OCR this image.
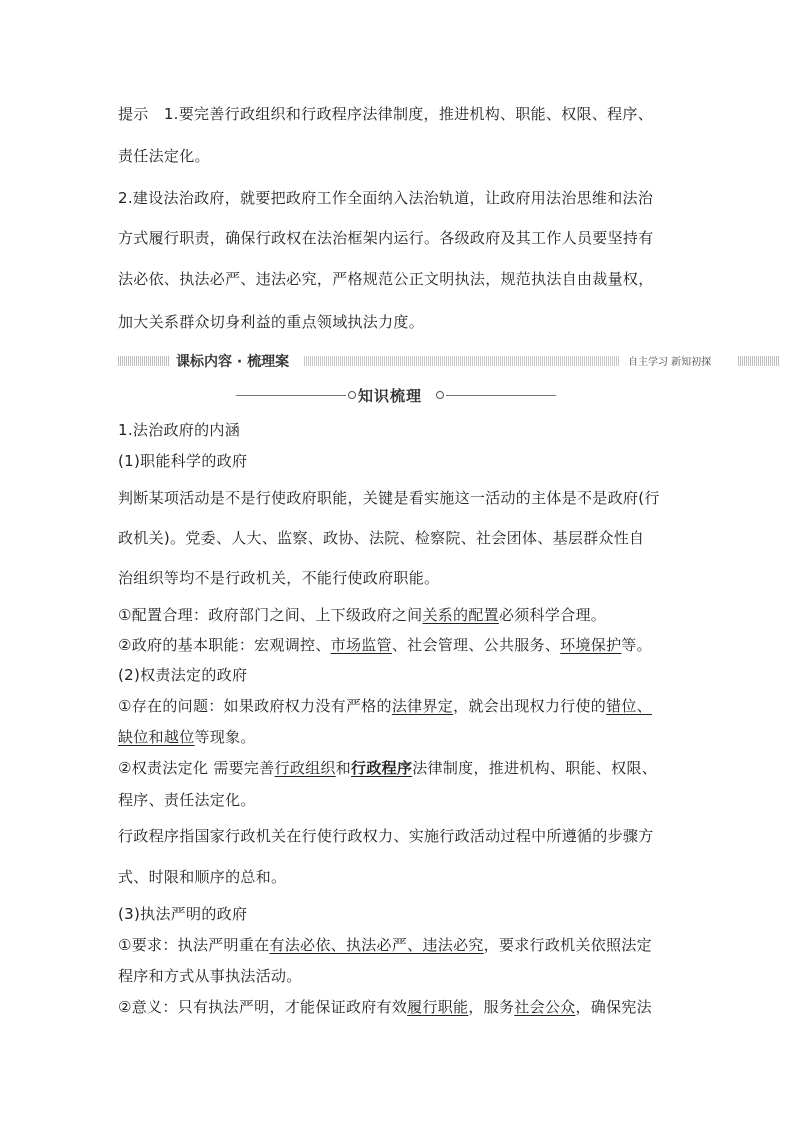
提示 1.要完善行政组织和行政程序法律制度，推进机构、职能、权限、程序、
责任法定化。
2.建设法治政府，就要把政府工作全面纳入法治轨道，让政府用法治思维和法治
方式履行职责，确保行政权在法治框架内运行。各级政府及其工作人员要坚持有
法必依、执法必严、违法必究，严格规范公正文明执法，规范执法自由裁量权，
加大关系群众切身利益的重点领域执法力度。
课标内容 · 梳理案	自主学习 新知初探
知识梳理
1.法治政府的内涵
(1)职能科学的政府
判断某项活动是不是行使政府职能，关键是看实施这一活动的主体是不是政府(行
政机关)。党委、人大、监察、政协、法院、检察院、社会团体、基层群众性自
治组织等均不是行政机关，不能行使政府职能。
①配置合理：政府部门之间、上下级政府之间关系的配置必须科学合理。
②政府的基本职能：宏观调控、市场监管、社会管理、公共服务、环境保护等。
(2)权责法定的政府
①存在的问题：如果政府权力没有严格的法律界定，就会出现权力行使的错位、
缺位和越位等现象。
②权责法定化 需要完善行政组织和行政程序法律制度，推进机构、职能、权限、
程序、责任法定化。
行政程序指国家行政机关在行使行政权力、实施行政活动过程中所遵循的步骤方
式、时限和顺序的总和。
(3)执法严明的政府
①要求：执法严明重在有法必依、执法必严、违法必究，要求行政机关依照法定
程序和方式从事执法活动。
②意义：只有执法严明，才能保证政府有效履行职能，服务社会公众，确保宪法
